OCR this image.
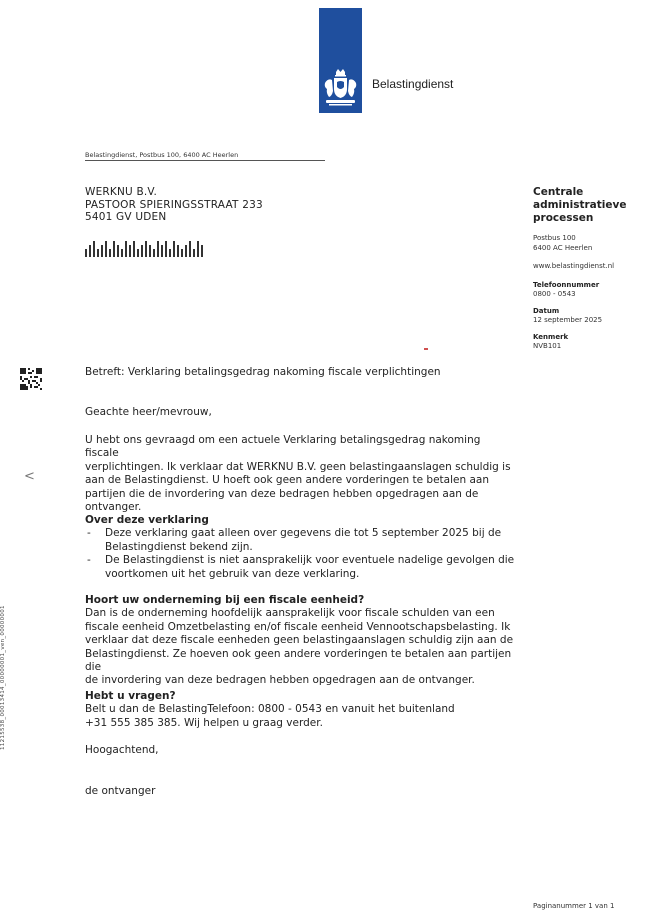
Belastingdienst
Belastingdienst, Postbus 100, 6400 AC Heerlen
WERKNU B.V.
PASTOOR SPIERINGSSTRAAT 233
5401 GV UDEN
Centrale
administratieve
processen
Postbus 100
6400 AC Heerlen
www.belastingdienst.nl
Telefoonnummer
0800 - 0543
Datum
12 september 2025
Kenmerk
NVB101
<
11215538_00013414_00000001_ven_00000001
Betreft: Verklaring betalingsgedrag nakoming fiscale verplichtingen
Geachte heer/mevrouw,
U hebt ons gevraagd om een actuele Verklaring betalingsgedrag nakoming fiscale
verplichtingen. Ik verklaar dat WERKNU B.V. geen belastingaanslagen schuldig is
aan de Belastingdienst. U hoeft ook geen andere vorderingen te betalen aan
partijen die de invordering van deze bedragen hebben opgedragen aan de
ontvanger.
Over deze verklaring
- Deze verklaring gaat alleen over gegevens die tot 5 september 2025 bij de
Belastingdienst bekend zijn.
- De Belastingdienst is niet aansprakelijk voor eventuele nadelige gevolgen die
voortkomen uit het gebruik van deze verklaring.
Hoort uw onderneming bij een fiscale eenheid?
Dan is de onderneming hoofdelijk aansprakelijk voor fiscale schulden van een
fiscale eenheid Omzetbelasting en/of fiscale eenheid Vennootschapsbelasting. Ik
verklaar dat deze fiscale eenheden geen belastingaanslagen schuldig zijn aan de
Belastingdienst. Ze hoeven ook geen andere vorderingen te betalen aan partijen die
de invordering van deze bedragen hebben opgedragen aan de ontvanger.
Hebt u vragen?
Belt u dan de BelastingTelefoon: 0800 - 0543 en vanuit het buitenland
+31 555 385 385. Wij helpen u graag verder.
Hoogachtend,
de ontvanger
Paginanummer 1 van 1
